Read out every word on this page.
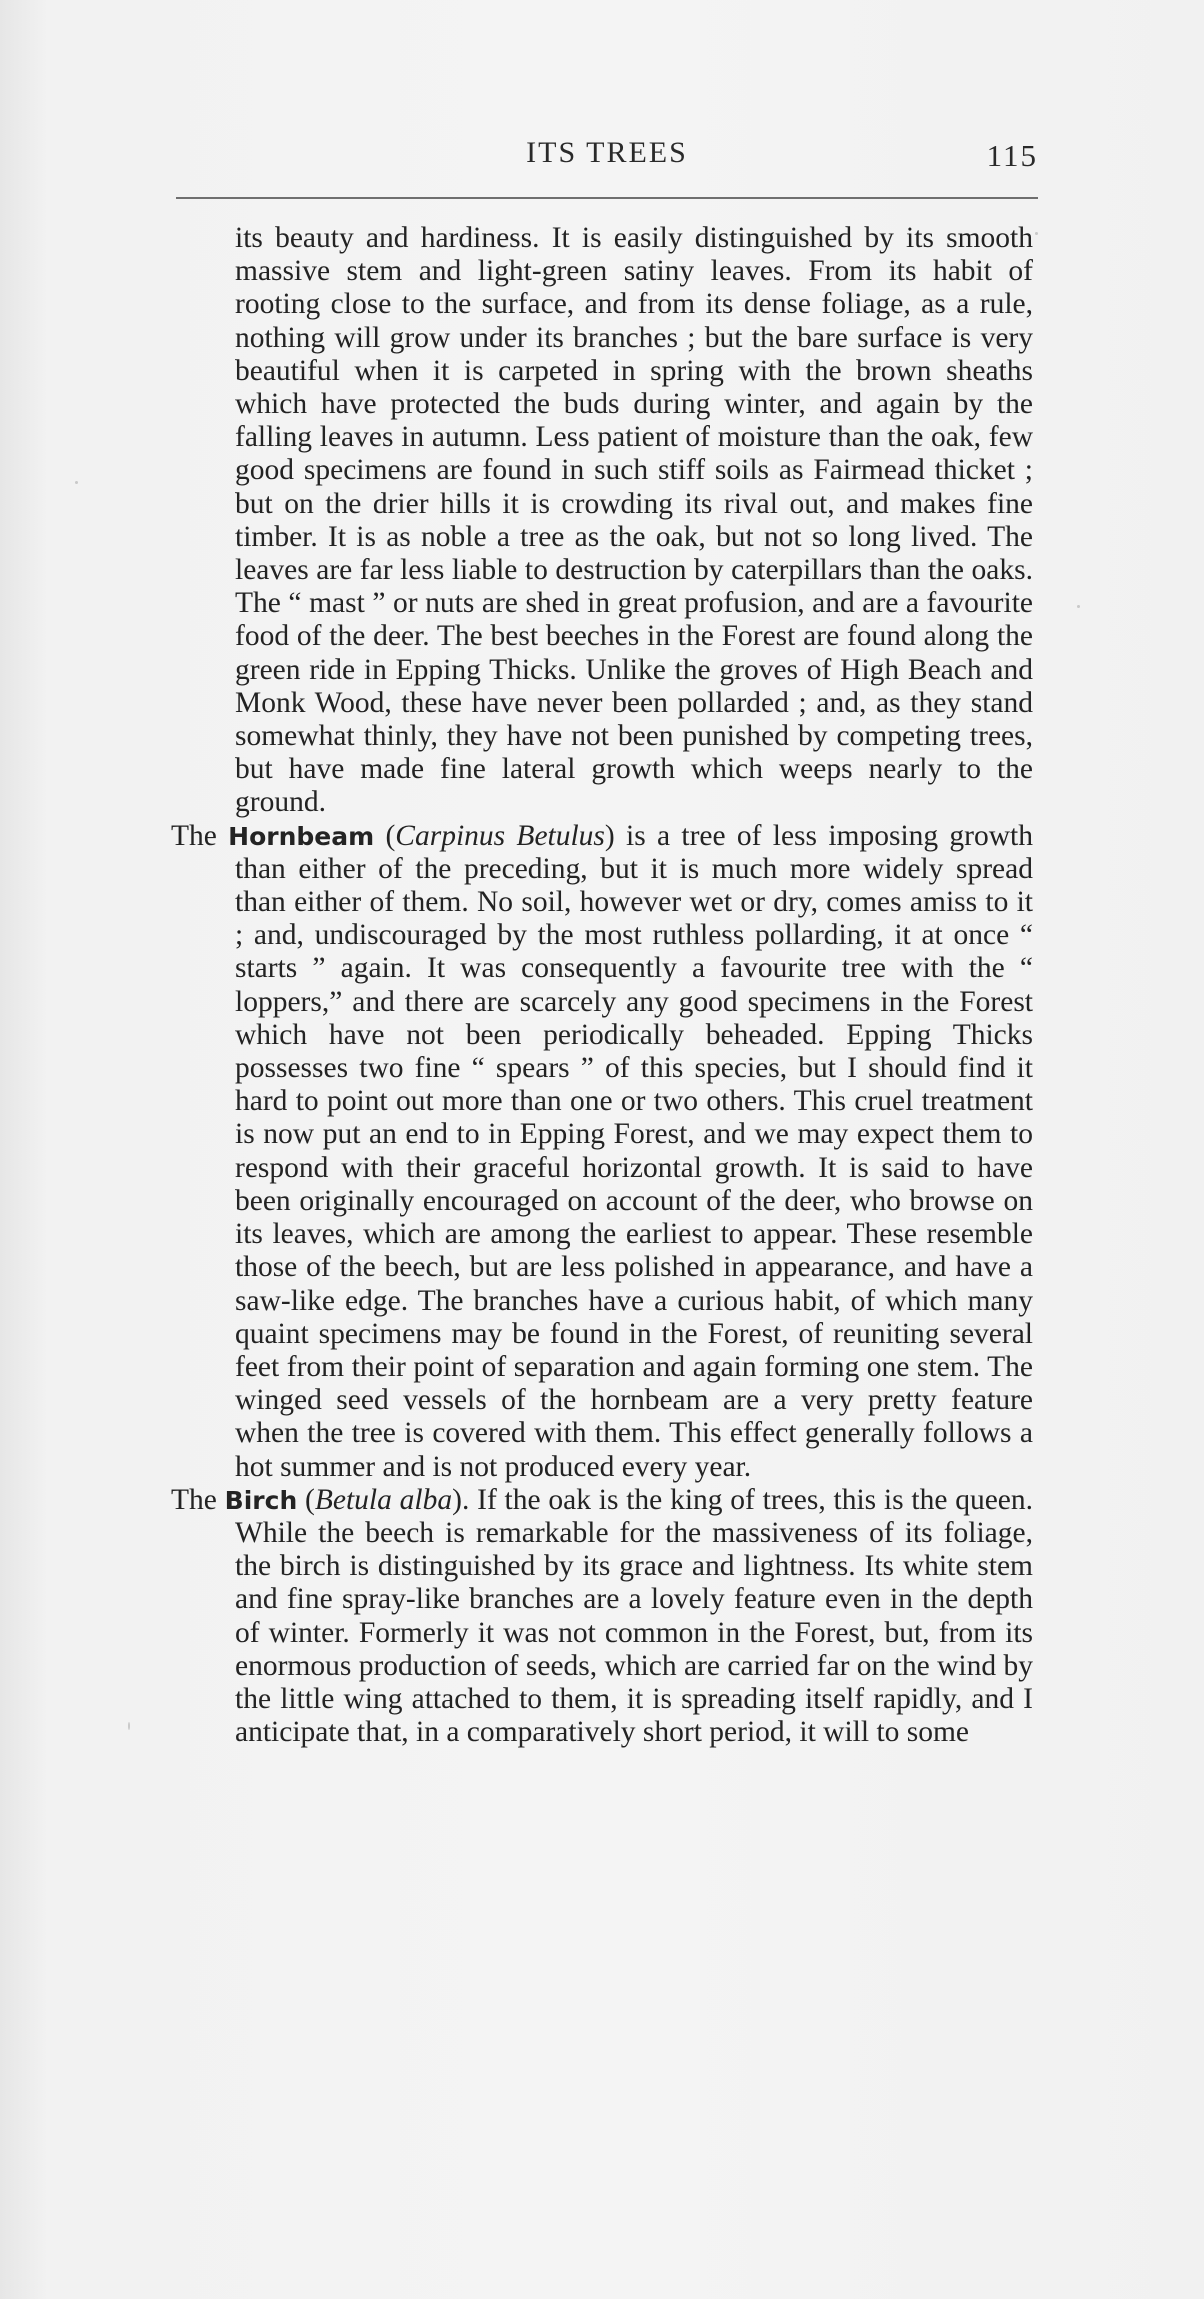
ITS TREES	115

its beauty and hardiness. It is easily distinguished by its smooth massive stem and light-green satiny leaves. From its habit of rooting close to the surface, and from its dense foliage, as a rule, nothing will grow under its branches ; but the bare surface is very beautiful when it is carpeted in spring with the brown sheaths which have protected the buds during winter, and again by the falling leaves in autumn. Less patient of moisture than the oak, few good specimens are found in such stiff soils as Fairmead thicket ; but on the drier hills it is crowding its rival out, and makes fine timber. It is as noble a tree as the oak, but not so long lived. The leaves are far less liable to destruction by caterpillars than the oaks. The “ mast ” or nuts are shed in great profusion, and are a favourite food of the deer. The best beeches in the Forest are found along the green ride in Epping Thicks. Unlike the groves of High Beach and Monk Wood, these have never been pollarded ; and, as they stand somewhat thinly, they have not been punished by competing trees, but have made fine lateral growth which weeps nearly to the ground.

The Hornbeam (Carpinus Betulus) is a tree of less imposing growth than either of the preceding, but it is much more widely spread than either of them. No soil, however wet or dry, comes amiss to it ; and, undiscouraged by the most ruthless pollarding, it at once “ starts ” again. It was consequently a favourite tree with the “ loppers,” and there are scarcely any good specimens in the Forest which have not been periodically beheaded. Epping Thicks possesses two fine “ spears ” of this species, but I should find it hard to point out more than one or two others. This cruel treatment is now put an end to in Epping Forest, and we may expect them to respond with their graceful horizontal growth. It is said to have been originally encouraged on account of the deer, who browse on its leaves, which are among the earliest to appear. These resemble those of the beech, but are less polished in appearance, and have a saw-like edge. The branches have a curious habit, of which many quaint specimens may be found in the Forest, of reuniting several feet from their point of separation and again forming one stem. The winged seed vessels of the hornbeam are a very pretty feature when the tree is covered with them. This effect generally follows a hot summer and is not produced every year.

The Birch (Betula alba). If the oak is the king of trees, this is the queen. While the beech is remarkable for the massiveness of its foliage, the birch is distinguished by its grace and lightness. Its white stem and fine spray-like branches are a lovely feature even in the depth of winter. Formerly it was not common in the Forest, but, from its enormous production of seeds, which are carried far on the wind by the little wing attached to them, it is spreading itself rapidly, and I anticipate that, in a comparatively short period, it will to some
